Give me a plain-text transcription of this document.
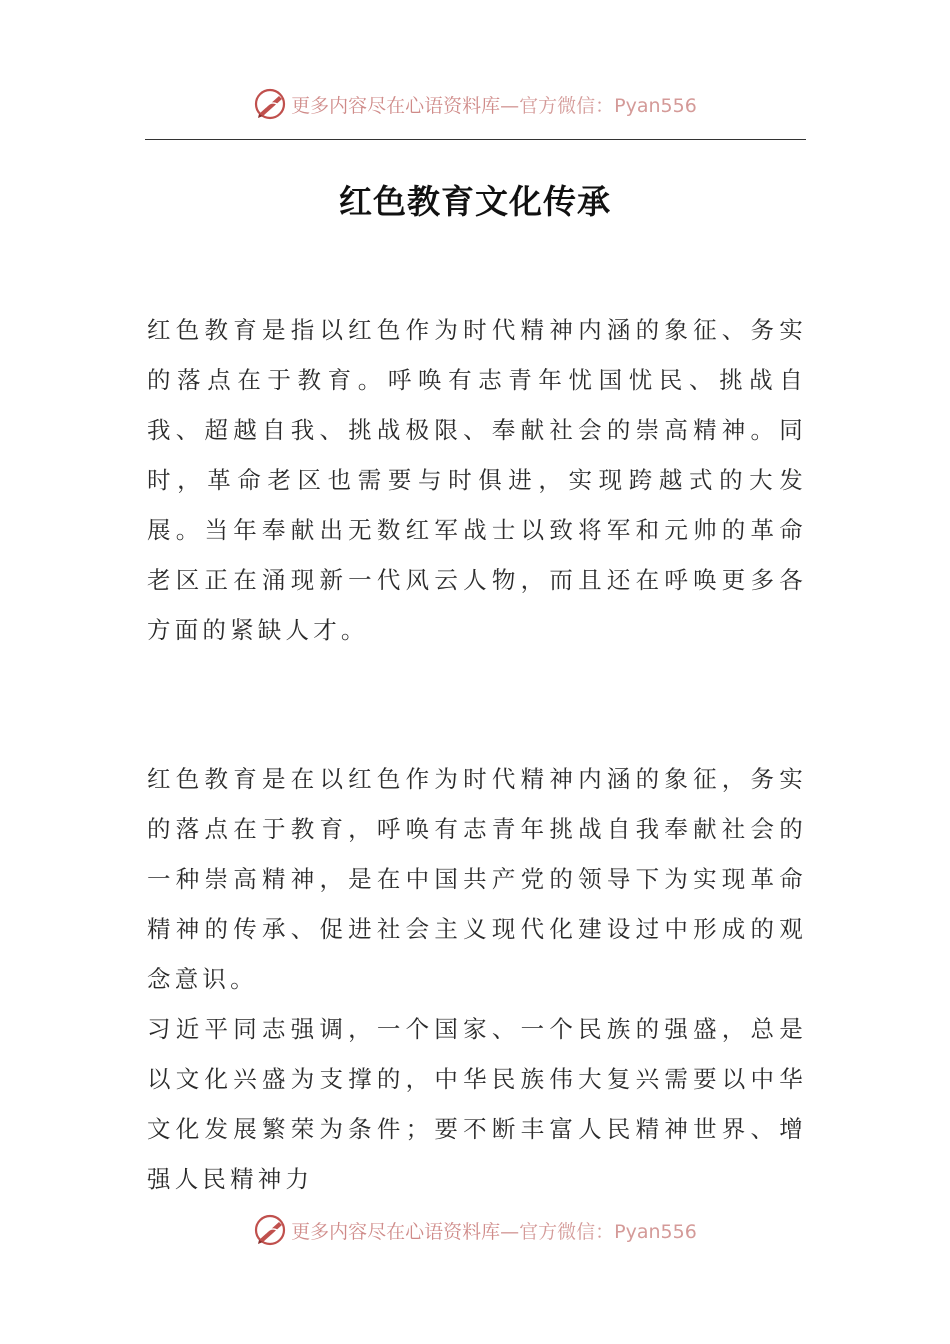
更多内容尽在心语资料库 —官方微信：Pyan556
红色教育文化传承

红色教育是指以红色作为时代精神内涵的象征、务实的落点在于教育。呼唤有志青年忧国忧民、挑战自我、超越自我、挑战极限、奉献社会的崇高精神。同时，革命老区也需要与时俱进，实现跨越式的大发展。当年奉献出无数红军战士以致将军和元帅的革命老区正在涌现新一代风云人物，而且还在呼唤更多各方面的紧缺人才。

红色教育是在以红色作为时代精神内涵的象征，务实的落点在于教育，呼唤有志青年挑战自我奉献社会的一种崇高精神，是在中国共产党的领导下为实现革命精神的传承、促进社会主义现代化建设过中形成的观念意识。

习近平同志强调，一个国家、一个民族的强盛，总是以文化兴盛为支撑的，中华民族伟大复兴需要以中华文化发展繁荣为条件；要不断丰富人民精神世界、增强人民精神力

更多内容尽在心语资料库 —官方微信：Pyan556
